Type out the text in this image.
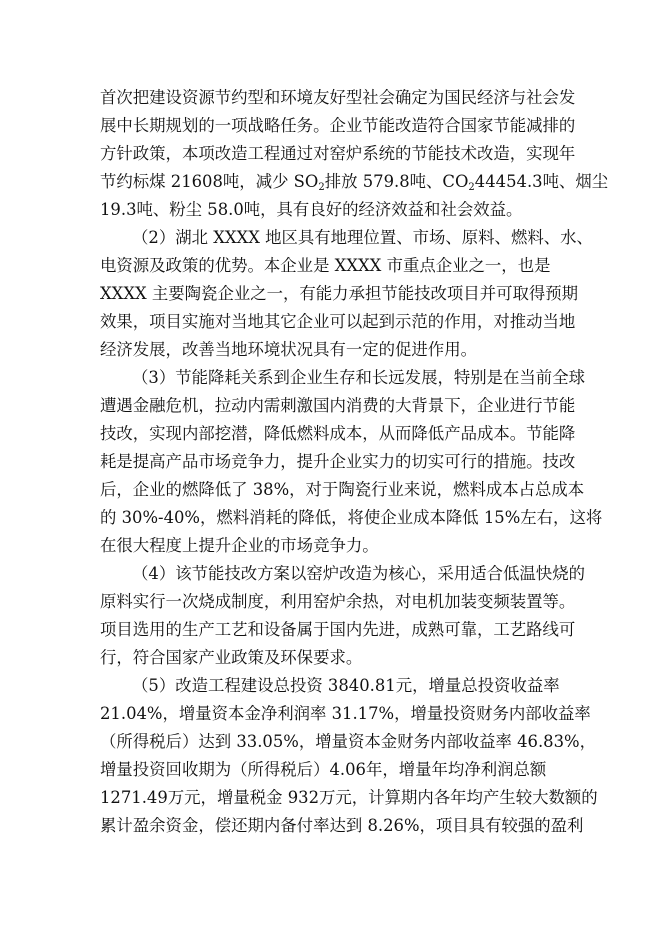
首次把建设资源节约型和环境友好型社会确定为国民经济与社会发
展中长期规划的一项战略任务。企业节能改造符合国家节能减排的
方针政策，本项改造工程通过对窑炉系统的节能技术改造，实现年
节约标煤 21608吨，减少 $SO_2$排放 579.8吨、$CO_244454.3$吨、烟尘
19.3吨、粉尘 58.0吨，具有良好的经济效益和社会效益。
（2）湖北 XXXX 地区具有地理位置、市场、原料、燃料、水、
电资源及政策的优势。本企业是 XXXX 市重点企业之一，也是
XXXX 主要陶瓷企业之一，有能力承担节能技改项目并可取得预期
效果，项目实施对当地其它企业可以起到示范的作用，对推动当地
经济发展，改善当地环境状况具有一定的促进作用。
（3）节能降耗关系到企业生存和长远发展，特别是在当前全球
遭遇金融危机，拉动内需刺激国内消费的大背景下，企业进行节能
技改，实现内部挖潜，降低燃料成本，从而降低产品成本。节能降
耗是提高产品市场竞争力，提升企业实力的切实可行的措施。技改
后，企业的燃降低了 38%，对于陶瓷行业来说，燃料成本占总成本
的 30%-40%，燃料消耗的降低，将使企业成本降低 15%左右，这将
在很大程度上提升企业的市场竞争力。
（4）该节能技改方案以窑炉改造为核心，采用适合低温快烧的
原料实行一次烧成制度，利用窑炉余热，对电机加装变频装置等。
项目选用的生产工艺和设备属于国内先进，成熟可靠，工艺路线可
行，符合国家产业政策及环保要求。
（5）改造工程建设总投资 3840.81元，增量总投资收益率
21.04%，增量资本金净利润率 31.17%，增量投资财务内部收益率
（所得税后）达到 33.05%，增量资本金财务内部收益率 46.83%，
增量投资回收期为（所得税后）4.06年，增量年均净利润总额
1271.49万元，增量税金 932万元，计算期内各年均产生较大数额的
累计盈余资金，偿还期内备付率达到 8.26%，项目具有较强的盈利
